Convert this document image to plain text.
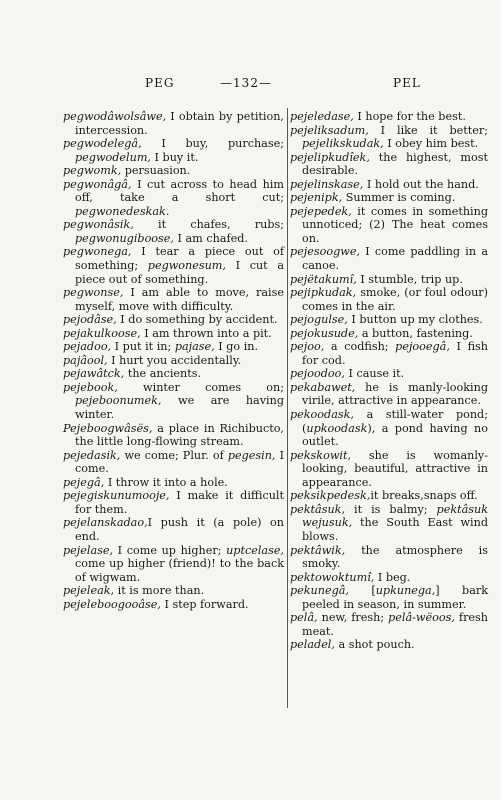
PEG	—132—	PEL

pegwodâwolsâwe, I obtain by petition, intercession.

pegwodelegâ, I buy, purchase; pegwodelum, I buy it.

pegwomk, persuasion.

pegwonâgâ, I cut across to head him off, take a short cut; pegwonedeskak.

pegwonâsik, it chafes, rubs; pegwonugiboose, I am chafed.

pegwonega, I tear a piece out of something; pegwonesum, I cut a piece out of something.

pegwonse, I am able to move, raise myself, move with difficulty.

pejodâse, I do something by accident.

pejakulkoose, I am thrown into a pit.

pejadoo, I put it in; pajase, I go in.

pajâool, I hurt you accidentally.

pejawâtck, the ancients.

pejebook, winter comes on; pejeboonumek, we are having winter.

Pejeboogwâsës, a place in Richibucto, the little long-flowing stream.

pejedasik, we come; Plur. of pegesin, I come.

pejegâ, I throw it into a hole.

pejegiskunumooje, I make it difficult for them.

pejelanskadao,I push it (a pole) on end.

pejelase, I come up higher; uptcelase, come up higher (friend)! to the back of wigwam.

pejeleak, it is more than.

pejeleboogooâse, I step forward.

pejeledase, I hope for the best.

pejeliksadum, I like it better; pejelikskudak, I obey him best.

pejelipkudîek, the highest, most desirable.

pejelinskase, I hold out the hand.

pejenipk, Summer is coming.

pejepedek, it comes in something unnoticed; (2) The heat comes on.

pejesoogwe, I come paddling in a canoe.

pejëtakumî, I stumble, trip up.

pejipkudak, smoke, (or foul odour) comes in the air.

pejogulse, I button up my clothes.

pejokusude, a button, fastening.

pejoo, a codfish; pejooegâ, I fish for cod.

pejoodoo, I cause it.

pekabawet, he is manly-looking virile, attractive in appearance.

pekoodask, a still-water pond; (upkoodask), a pond having no outlet.

pekskowit, she is womanly-looking, beautiful, attractive in appearance.

peksikpedesk,it breaks,snaps off.

pektâsuk, it is balmy; pektâsuk wejusuk, the South East wind blows.

pektâwik, the atmosphere is smoky.

pektowoktumî, I beg.

pekunegâ, [upkunega,] bark peeled in season, in summer.

pelâ, new, fresh; pelâ-wëoos, fresh meat.

peladel, a shot pouch.
